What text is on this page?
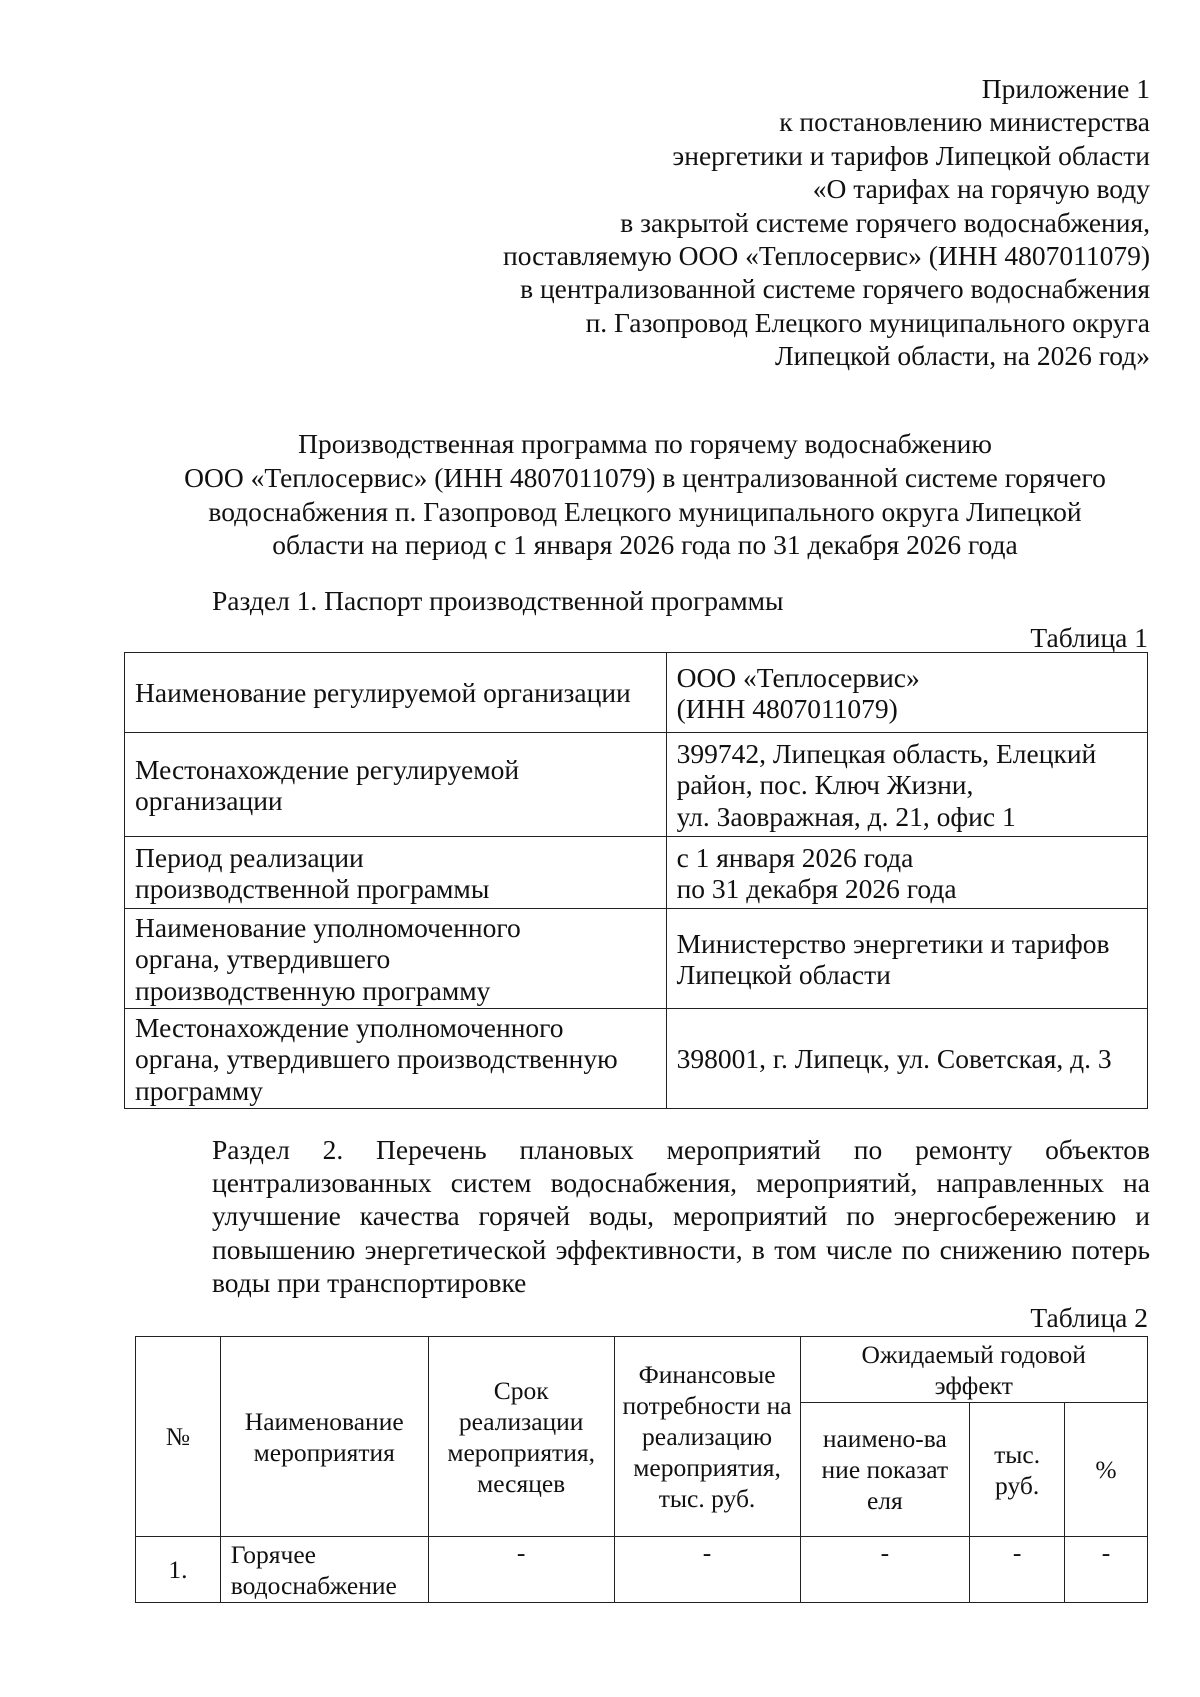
Приложение 1
к постановлению министерства
энергетики и тарифов Липецкой области
«О тарифах на горячую воду
в закрытой системе горячего водоснабжения,
поставляемую ООО «Теплосервис» (ИНН 4807011079)
в централизованной системе горячего водоснабжения
п. Газопровод Елецкого муниципального округа
Липецкой области, на 2026 год»
Производственная программа по горячему водоснабжению
ООО «Теплосервис» (ИНН 4807011079) в централизованной системе горячего
водоснабжения п. Газопровод Елецкого муниципального округа Липецкой
области на период с 1 января 2026 года по 31 декабря 2026 года
Раздел 1. Паспорт производственной программы
Таблица 1
Наименование регулируемой организации	ООО «Теплосервис»
(ИНН 4807011079)

Местонахождение регулируемой организации	399742, Липецкая область, Елецкий
район, пос. Ключ Жизни,
ул. Заовражная, д. 21, офис 1

Период реализации производственной программы	с 1 января 2026 года
по 31 декабря 2026 года

Наименование уполномоченного органа, утвердившего производственную программу	Министерство энергетики и тарифов
Липецкой области

Местонахождение уполномоченного органа, утвердившего производственную программу	398001, г. Липецк, ул. Советская, д. 3
Раздел 2. Перечень плановых мероприятий по ремонту объектов централизованных систем водоснабжения, мероприятий, направленных на улучшение качества горячей воды, мероприятий по энергосбережению и повышению энергетической эффективности, в том числе по снижению потерь воды при транспортировке
Таблица 2
№	Наименование мероприятия	Срок реализации мероприятия, месяцев	Финансовые потребности на реализацию мероприятия, тыс. руб.	Ожидаемый годовой эффект		
				наимено-вание показателя	тыс. руб.	%
1.	Горячее водоснабжение	-	-	-	-	-
